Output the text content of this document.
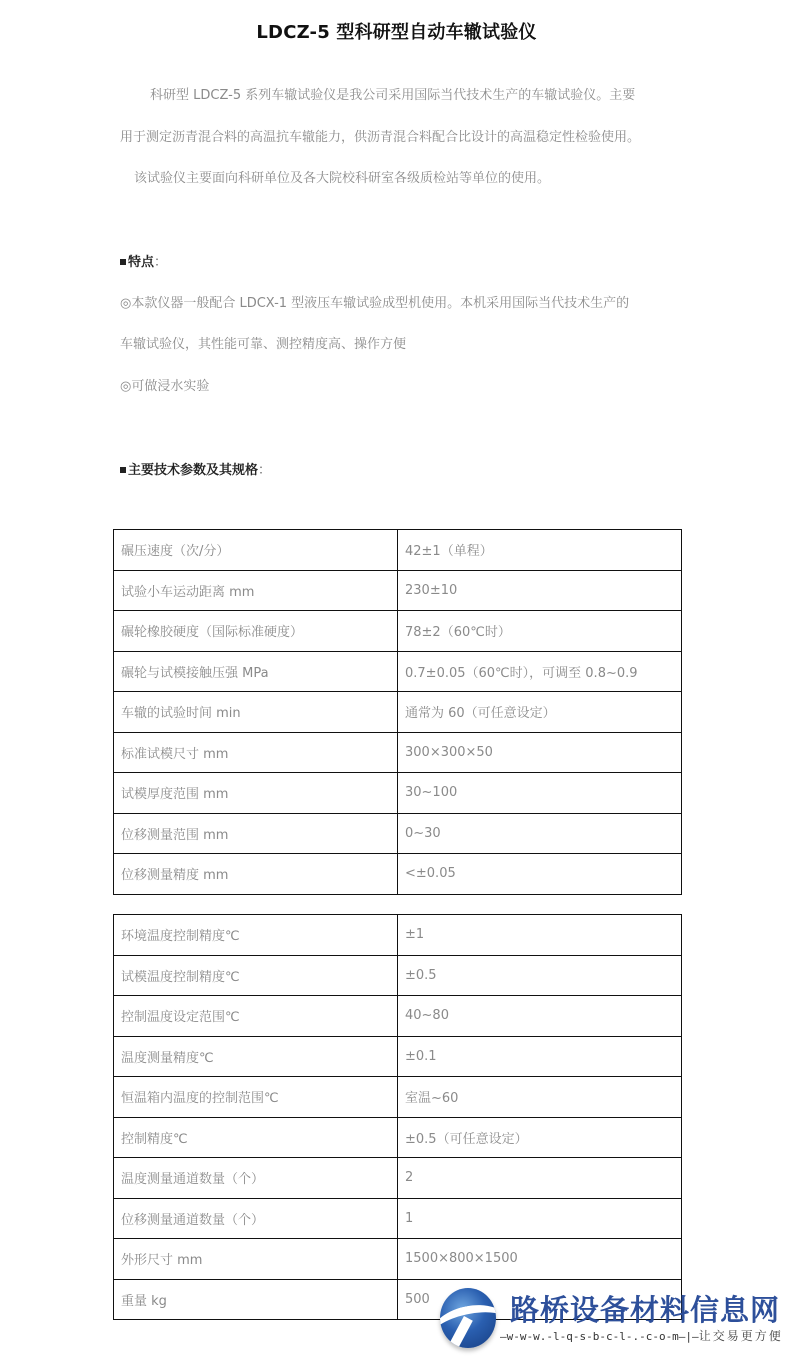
LDCZ-5 型科研型自动车辙试验仪
科研型 LDCZ-5 系列车辙试验仪是我公司采用国际当代技术生产的车辙试验仪。主要
用于测定沥青混合料的高温抗车辙能力，供沥青混合料配合比设计的高温稳定性检验使用。
该试验仪主要面向科研单位及各大院校科研室各级质检站等单位的使用。
特点：
◎本款仪器一般配合 LDCX-1 型液压车辙试验成型机使用。本机采用国际当代技术生产的
车辙试验仪，其性能可靠、测控精度高、操作方便
◎可做浸水实验
主要技术参数及其规格：
碾压速度（次/分）	42±1（单程）
试验小车运动距离 mm	230±10
碾轮橡胶硬度（国际标准硬度）	78±2（60℃时）
碾轮与试模接触压强 MPa	0.7±0.05（60℃时），可调至 0.8~0.9
车辙的试验时间 min	通常为 60（可任意设定）
标准试模尺寸 mm	300×300×50
试模厚度范围 mm	30~100
位移测量范围 mm	0~30
位移测量精度 mm	<±0.05
环境温度控制精度℃	±1
试模温度控制精度℃	±0.5
控制温度设定范围℃	40~80
温度测量精度℃	±0.1
恒温箱内温度的控制范围℃	室温~60
控制精度℃	±0.5（可任意设定）
温度测量通道数量（个）	2
位移测量通道数量（个）	1
外形尺寸 mm	1500×800×1500
重量 kg	500	路桥设备材料信息网
—w-w-w.-l-q-s-b-c-l-.-c-o-m—|—让交易更方便
